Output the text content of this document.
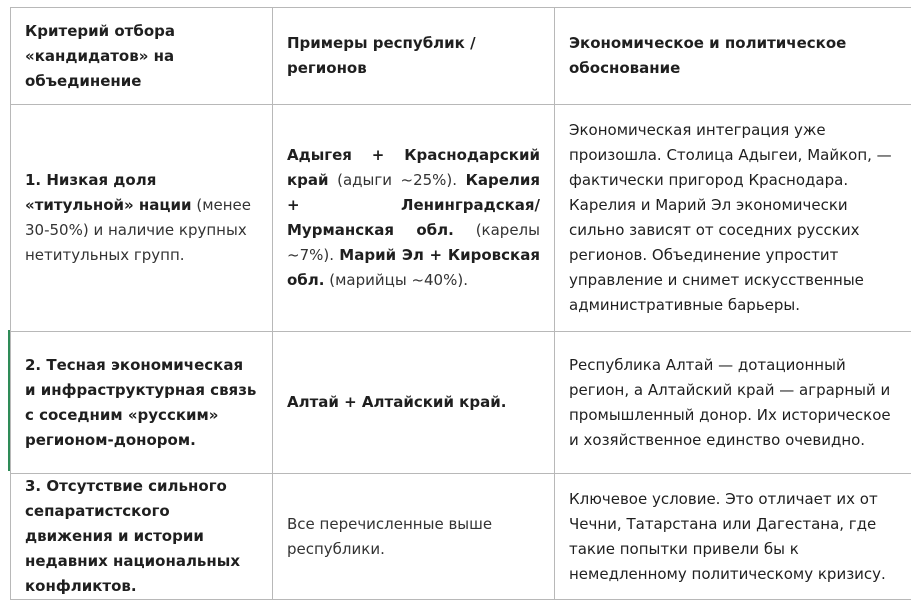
Критерий отбора «кандидатов» на объединение	Примеры республик / регионов	Экономическое и политическое обоснование
1. Низкая доля «титульной» нации (менее 30-50%) и наличие крупных нетитульных групп.	Адыгея + Краснодарский край (адыги ~25%). Карелия + Ленинградская/Мурманская обл. (карелы ~7%). Марий Эл + Кировская обл. (марийцы ~40%).	Экономическая интеграция уже произошла. Столица Адыгеи, Майкоп, — фактически пригород Краснодара. Карелия и Марий Эл экономически сильно зависят от соседних русских регионов. Объединение упростит управление и снимет искусственные административные барьеры.
2. Тесная экономическая и инфраструктурная связь с соседним «русским» регионом-донором.	Алтай + Алтайский край.	Республика Алтай — дотационный регион, а Алтайский край — аграрный и промышленный донор. Их историческое и хозяйственное единство очевидно.
3. Отсутствие сильного сепаратистского движения и истории недавних национальных конфликтов.	Все перечисленные выше республики.	Ключевое условие. Это отличает их от Чечни, Татарстана или Дагестана, где такие попытки привели бы к немедленному политическому кризису.
